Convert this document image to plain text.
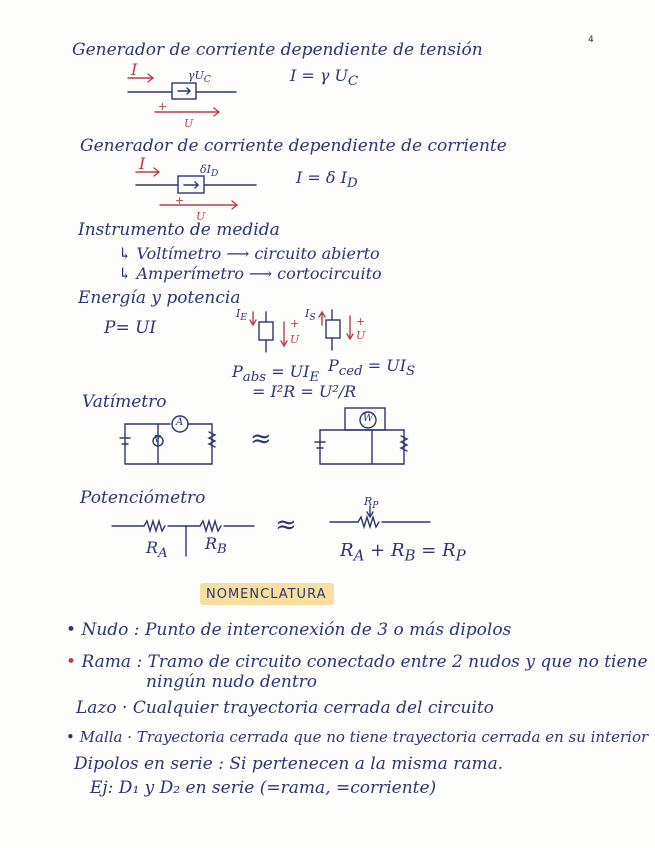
4
Generador de corriente dependiente de tensión
I	$\gamma U_C$	I = γ $U_C$
+
U
Generador de corriente dependiente de corriente
I	$\delta I_D$	I = δ $I_D$
+
U
Instrumento de medida
↳ Voltímetro ⟶ circuito abierto
↳ Amperímetro ⟶ cortocircuito
Energía y potencia
P= UI
$I_E$	$I_S$
+
U
+
U
$P_{abs} = UI_E$
= I²R = U²/R
$P_{ced} = UI_S$
Vatímetro
A
V
W
≈
Potenciómetro
$R_A$
$R_B$
$R_P$
≈
$R_A + R_B = R_P$
NOMENCLATURA
• Nudo : Punto de interconexión de 3 o más dipolos
• Rama : Tramo de circuito conectado entre 2 nudos y que no tiene
ningún nudo dentro
Lazo · Cualquier trayectoria cerrada del circuito
• Malla · Trayectoria cerrada que no tiene trayectoria cerrada en su interior
Dipolos en serie : Si pertenecen a la misma rama.
Ej: D₁ y D₂ en serie (=rama, =corriente)
